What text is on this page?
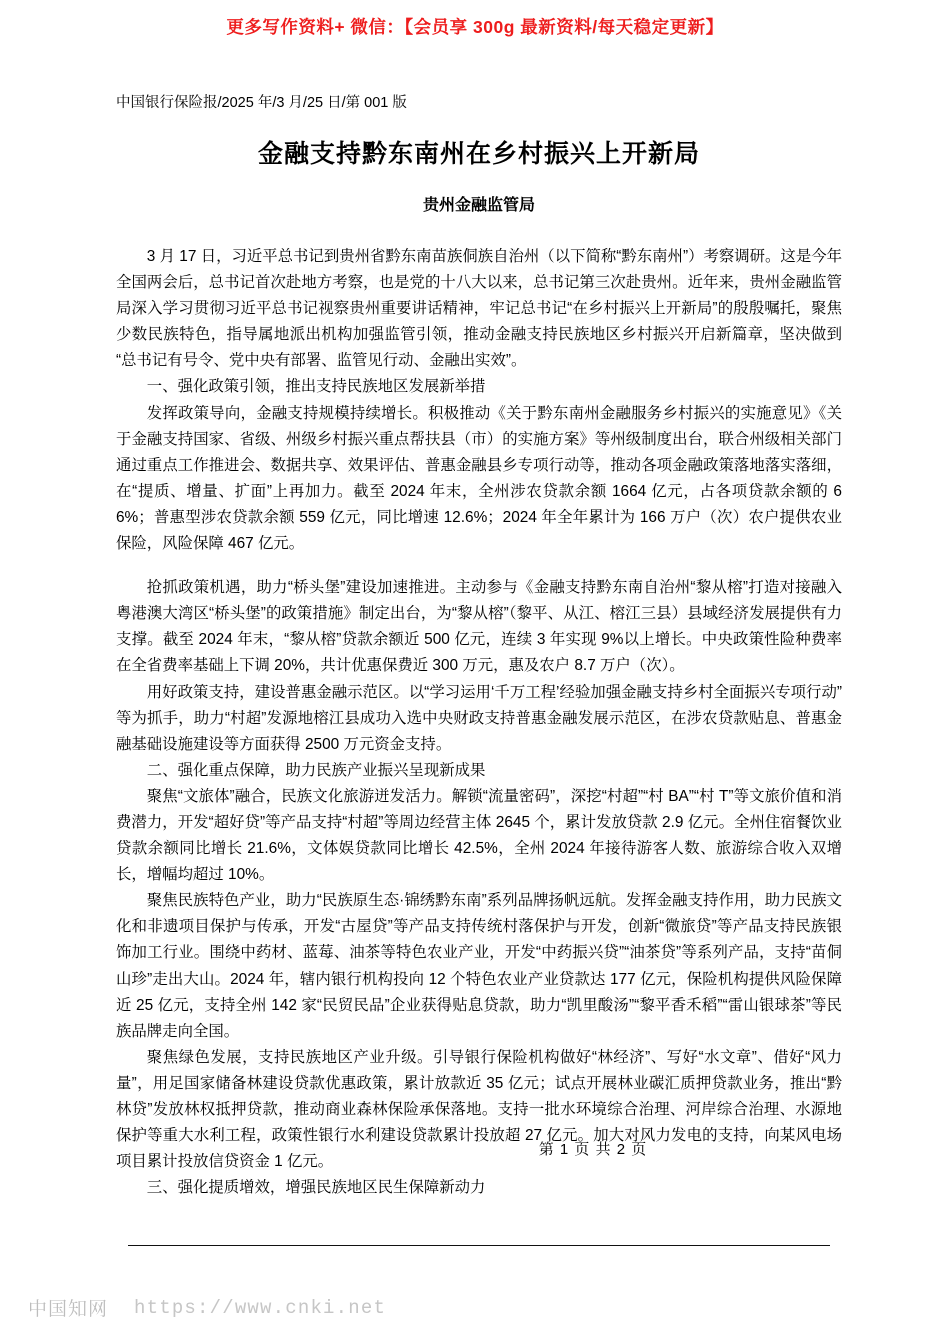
更多写作资料+ 微信：【会员享 300g 最新资料/每天稳定更新】
中国银行保险报/2025 年/3 月/25 日/第 001 版
金融支持黔东南州在乡村振兴上开新局
贵州金融监管局

3 月 17 日，习近平总书记到贵州省黔东南苗族侗族自治州（以下简称“黔东南州”）考察调研。这是今年全国两会后，总书记首次赴地方考察，也是党的十八大以来，总书记第三次赴贵州。近年来，贵州金融监管局深入学习贯彻习近平总书记视察贵州重要讲话精神，牢记总书记“在乡村振兴上开新局”的殷殷嘱托，聚焦少数民族特色，指导属地派出机构加强监管引领，推动金融支持民族地区乡村振兴开启新篇章，坚决做到“总书记有号令、党中央有部署、监管见行动、金融出实效”。

一、强化政策引领，推出支持民族地区发展新举措

发挥政策导向，金融支持规模持续增长。积极推动《关于黔东南州金融服务乡村振兴的实施意见》《关于金融支持国家、省级、州级乡村振兴重点帮扶县（市）的实施方案》等州级制度出台，联合州级相关部门通过重点工作推进会、数据共享、效果评估、普惠金融县乡专项行动等，推动各项金融政策落地落实落细，在“提质、增量、扩面”上再加力。截至 2024 年末，全州涉农贷款余额 1664 亿元，占各项贷款余额的 66%；普惠型涉农贷款余额 559 亿元，同比增速 12.6%；2024 年全年累计为 166 万户（次）农户提供农业保险，风险保障 467 亿元。

抢抓政策机遇，助力“桥头堡”建设加速推进。主动参与《金融支持黔东南自治州“黎从榕”打造对接融入粤港澳大湾区“桥头堡”的政策措施》制定出台，为“黎从榕”（黎平、从江、榕江三县）县域经济发展提供有力支撑。截至 2024 年末，“黎从榕”贷款余额近 500 亿元，连续 3 年实现 9%以上增长。中央政策性险种费率在全省费率基础上下调 20%，共计优惠保费近 300 万元，惠及农户 8.7 万户（次）。

用好政策支持，建设普惠金融示范区。以“学习运用‘千万工程’经验加强金融支持乡村全面振兴专项行动”等为抓手，助力“村超”发源地榕江县成功入选中央财政支持普惠金融发展示范区，在涉农贷款贴息、普惠金融基础设施建设等方面获得 2500 万元资金支持。

二、强化重点保障，助力民族产业振兴呈现新成果

聚焦“文旅体”融合，民族文化旅游迸发活力。解锁“流量密码”，深挖“村超”“村 BA”“村 T”等文旅价值和消费潜力，开发“超好贷”等产品支持“村超”等周边经营主体 2645 个，累计发放贷款 2.9 亿元。全州住宿餐饮业贷款余额同比增长 21.6%，文体娱贷款同比增长 42.5%，全州 2024 年接待游客人数、旅游综合收入双增长，增幅均超过 10%。

聚焦民族特色产业，助力“民族原生态·锦绣黔东南”系列品牌扬帆远航。发挥金融支持作用，助力民族文化和非遗项目保护与传承，开发“古屋贷”等产品支持传统村落保护与开发，创新“微旅贷”等产品支持民族银饰加工行业。围绕中药材、蓝莓、油茶等特色农业产业，开发“中药振兴贷”“油茶贷”等系列产品，支持“苗侗山珍”走出大山。2024 年，辖内银行机构投向 12 个特色农业产业贷款达 177 亿元，保险机构提供风险保障近 25 亿元，支持全州 142 家“民贸民品”企业获得贴息贷款，助力“凯里酸汤”“黎平香禾稻”“雷山银球茶”等民族品牌走向全国。

聚焦绿色发展，支持民族地区产业升级。引导银行保险机构做好“林经济”、写好“水文章”、借好“风力量”，用足国家储备林建设贷款优惠政策，累计放款近 35 亿元；试点开展林业碳汇质押贷款业务，推出“黔林贷”发放林权抵押贷款，推动商业森林保险承保落地。支持一批水环境综合治理、河岸综合治理、水源地保护等重大水利工程，政策性银行水利建设贷款累计投放超 27 亿元。加大对风力发电的支持，向某风电场项目累计投放信贷资金 1 亿元。

三、强化提质增效，增强民族地区民生保障新动力

第 1 页 共 2 页
中国知网 https://www.cnki.net
